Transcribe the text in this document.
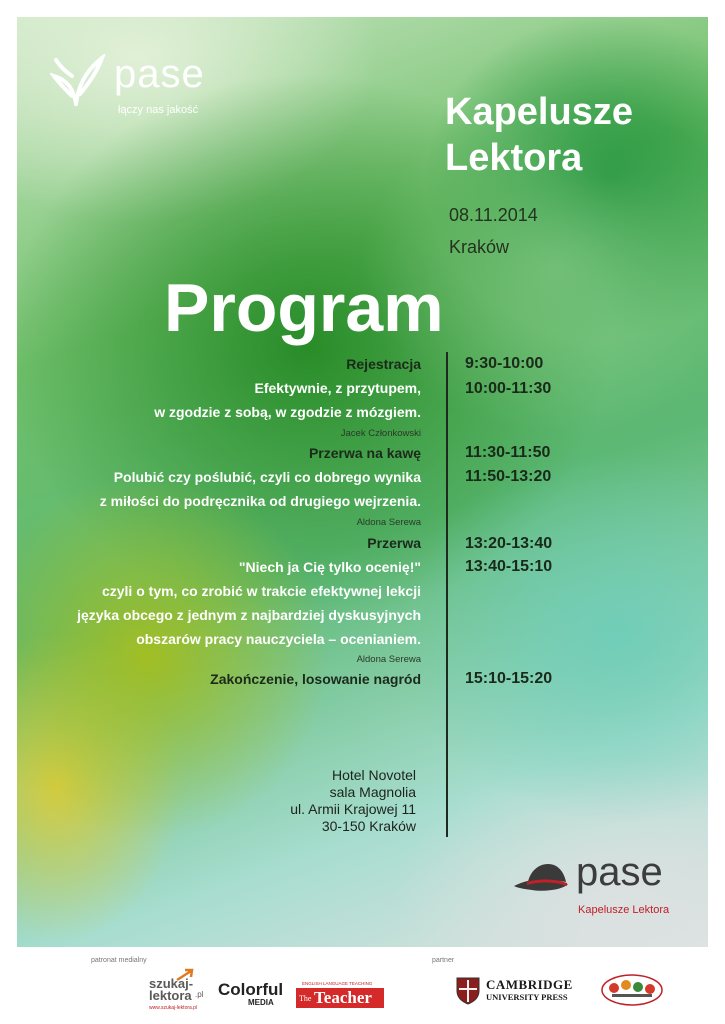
pase
łączy nas jakość	Kapelusze
Lektora
08.11.2014
Kraków
Program
Rejestracja
Efektywnie, z przytupem,
w zgodzie z sobą, w zgodzie z mózgiem.
Jacek Członkowski
Przerwa na kawę
Polubić czy poślubić, czyli co dobrego wynika
z miłości do podręcznika od drugiego wejrzenia.
Aldona Serewa
Przerwa
"Niech ja Cię tylko ocenię!"
czyli o tym, co zrobić w trakcie efektywnej lekcji
języka obcego z jednym z najbardziej dyskusyjnych
obszarów pracy nauczyciela – ocenianiem.
Aldona Serewa
Zakończenie, losowanie nagród
9:30-10:00
10:00-11:30
11:30-11:50
11:50-13:20
13:20-13:40
13:40-15:10
15:10-15:20
Hotel Novotel
sala Magnolia
ul. Armii Krajowej 11
30-150 Kraków
pase
Kapelusze Lektora
patronat medialny	partner
szukaj-
lektora .pl
www.szukaj-lektora.pl
Colorful
MEDIA
ENGLISH LANGUAGE TEACHING
The Teacher
CAMBRIDGE
UNIVERSITY PRESS
